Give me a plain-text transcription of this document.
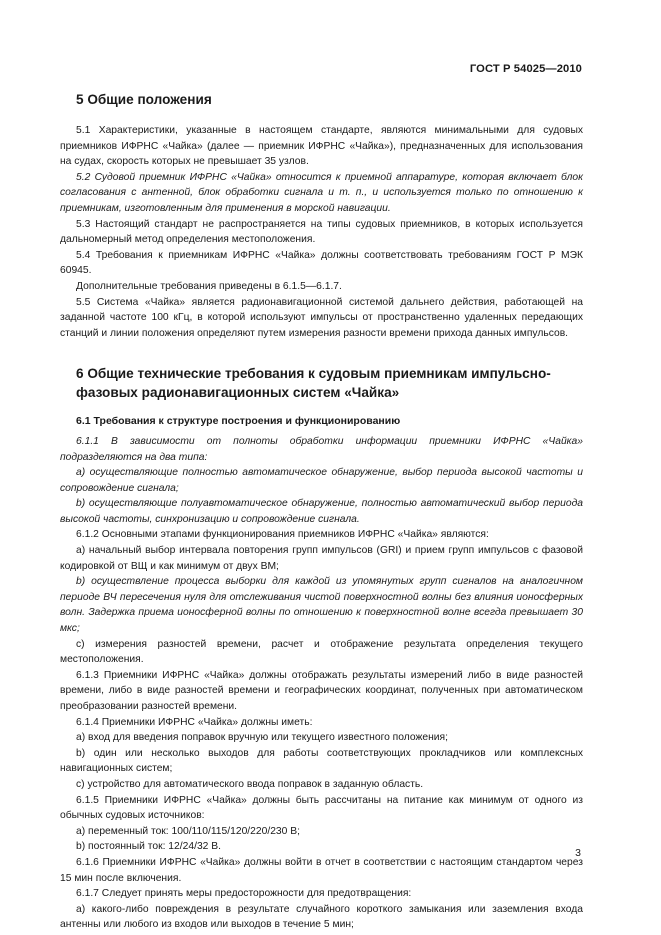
ГОСТ Р 54025—2010
5 Общие положения

5.1 Характеристики, указанные в настоящем стандарте, являются минимальными для судовых приемников ИФРНС «Чайка» (далее — приемник ИФРНС «Чайка»), предназначенных для использования на судах, скорость которых не превышает 35 узлов.

5.2 Судовой приемник ИФРНС «Чайка» относится к приемной аппаратуре, которая включает блок согласования с антенной, блок обработки сигнала и т. п., и используется только по отношению к приемникам, изготовленным для применения в морской навигации.

5.3 Настоящий стандарт не распространяется на типы судовых приемников, в которых используется дальномерный метод определения местоположения.

5.4 Требования к приемникам ИФРНС «Чайка» должны соответствовать требованиям ГОСТ Р МЭК 60945.

Дополнительные требования приведены в 6.1.5—6.1.7.

5.5 Система «Чайка» является радионавигационной системой дальнего действия, работающей на заданной частоте 100 кГц, в которой используют импульсы от пространственно удаленных передающих станций и линии положения определяют путем измерения разности времени прихода данных импульсов.

6 Общие технические требования к судовым приемникам импульсно-фазовых радионавигационных систем «Чайка»
6.1 Требования к структуре построения и функционированию

6.1.1 В зависимости от полноты обработки информации приемники ИФРНС «Чайка» подразделяются на два типа:

а) осуществляющие полностью автоматическое обнаружение, выбор периода высокой частоты и сопровождение сигнала;

b) осуществляющие полуавтоматическое обнаружение, полностью автоматический выбор периода высокой частоты, синхронизацию и сопровождение сигнала.

6.1.2 Основными этапами функционирования приемников ИФРНС «Чайка» являются:

а) начальный выбор интервала повторения групп импульсов (GRI) и прием групп импульсов с фазовой кодировкой от ВЩ и как минимум от двух ВМ;

b) осуществление процесса выборки для каждой из упомянутых групп сигналов на аналогичном периоде ВЧ пересечения нуля для отслеживания чистой поверхностной волны без влияния ионосферных волн. Задержка приема ионосферной волны по отношению к поверхностной волне всегда превышает 30 мкс;

c) измерения разностей времени, расчет и отображение результата определения текущего местоположения.

6.1.3 Приемники ИФРНС «Чайка» должны отображать результаты измерений либо в виде разностей времени, либо в виде разностей времени и географических координат, полученных при автоматическом преобразовании разностей времени.

6.1.4 Приемники ИФРНС «Чайка» должны иметь:

а) вход для введения поправок вручную или текущего известного положения;

b) один или несколько выходов для работы соответствующих прокладчиков или комплексных навигационных систем;

c) устройство для автоматического ввода поправок в заданную область.

6.1.5 Приемники ИФРНС «Чайка» должны быть рассчитаны на питание как минимум от одного из обычных судовых источников:

а) переменный ток: 100/110/115/120/220/230 В;

b) постоянный ток: 12/24/32 В.

6.1.6 Приемники ИФРНС «Чайка» должны войти в отчет в соответствии с настоящим стандартом через 15 мин после включения.

6.1.7 Следует принять меры предосторожности для предотвращения:

а) какого-либо повреждения в результате случайного короткого замыкания или заземления входа антенны или любого из входов или выходов в течение 5 мин;

3
